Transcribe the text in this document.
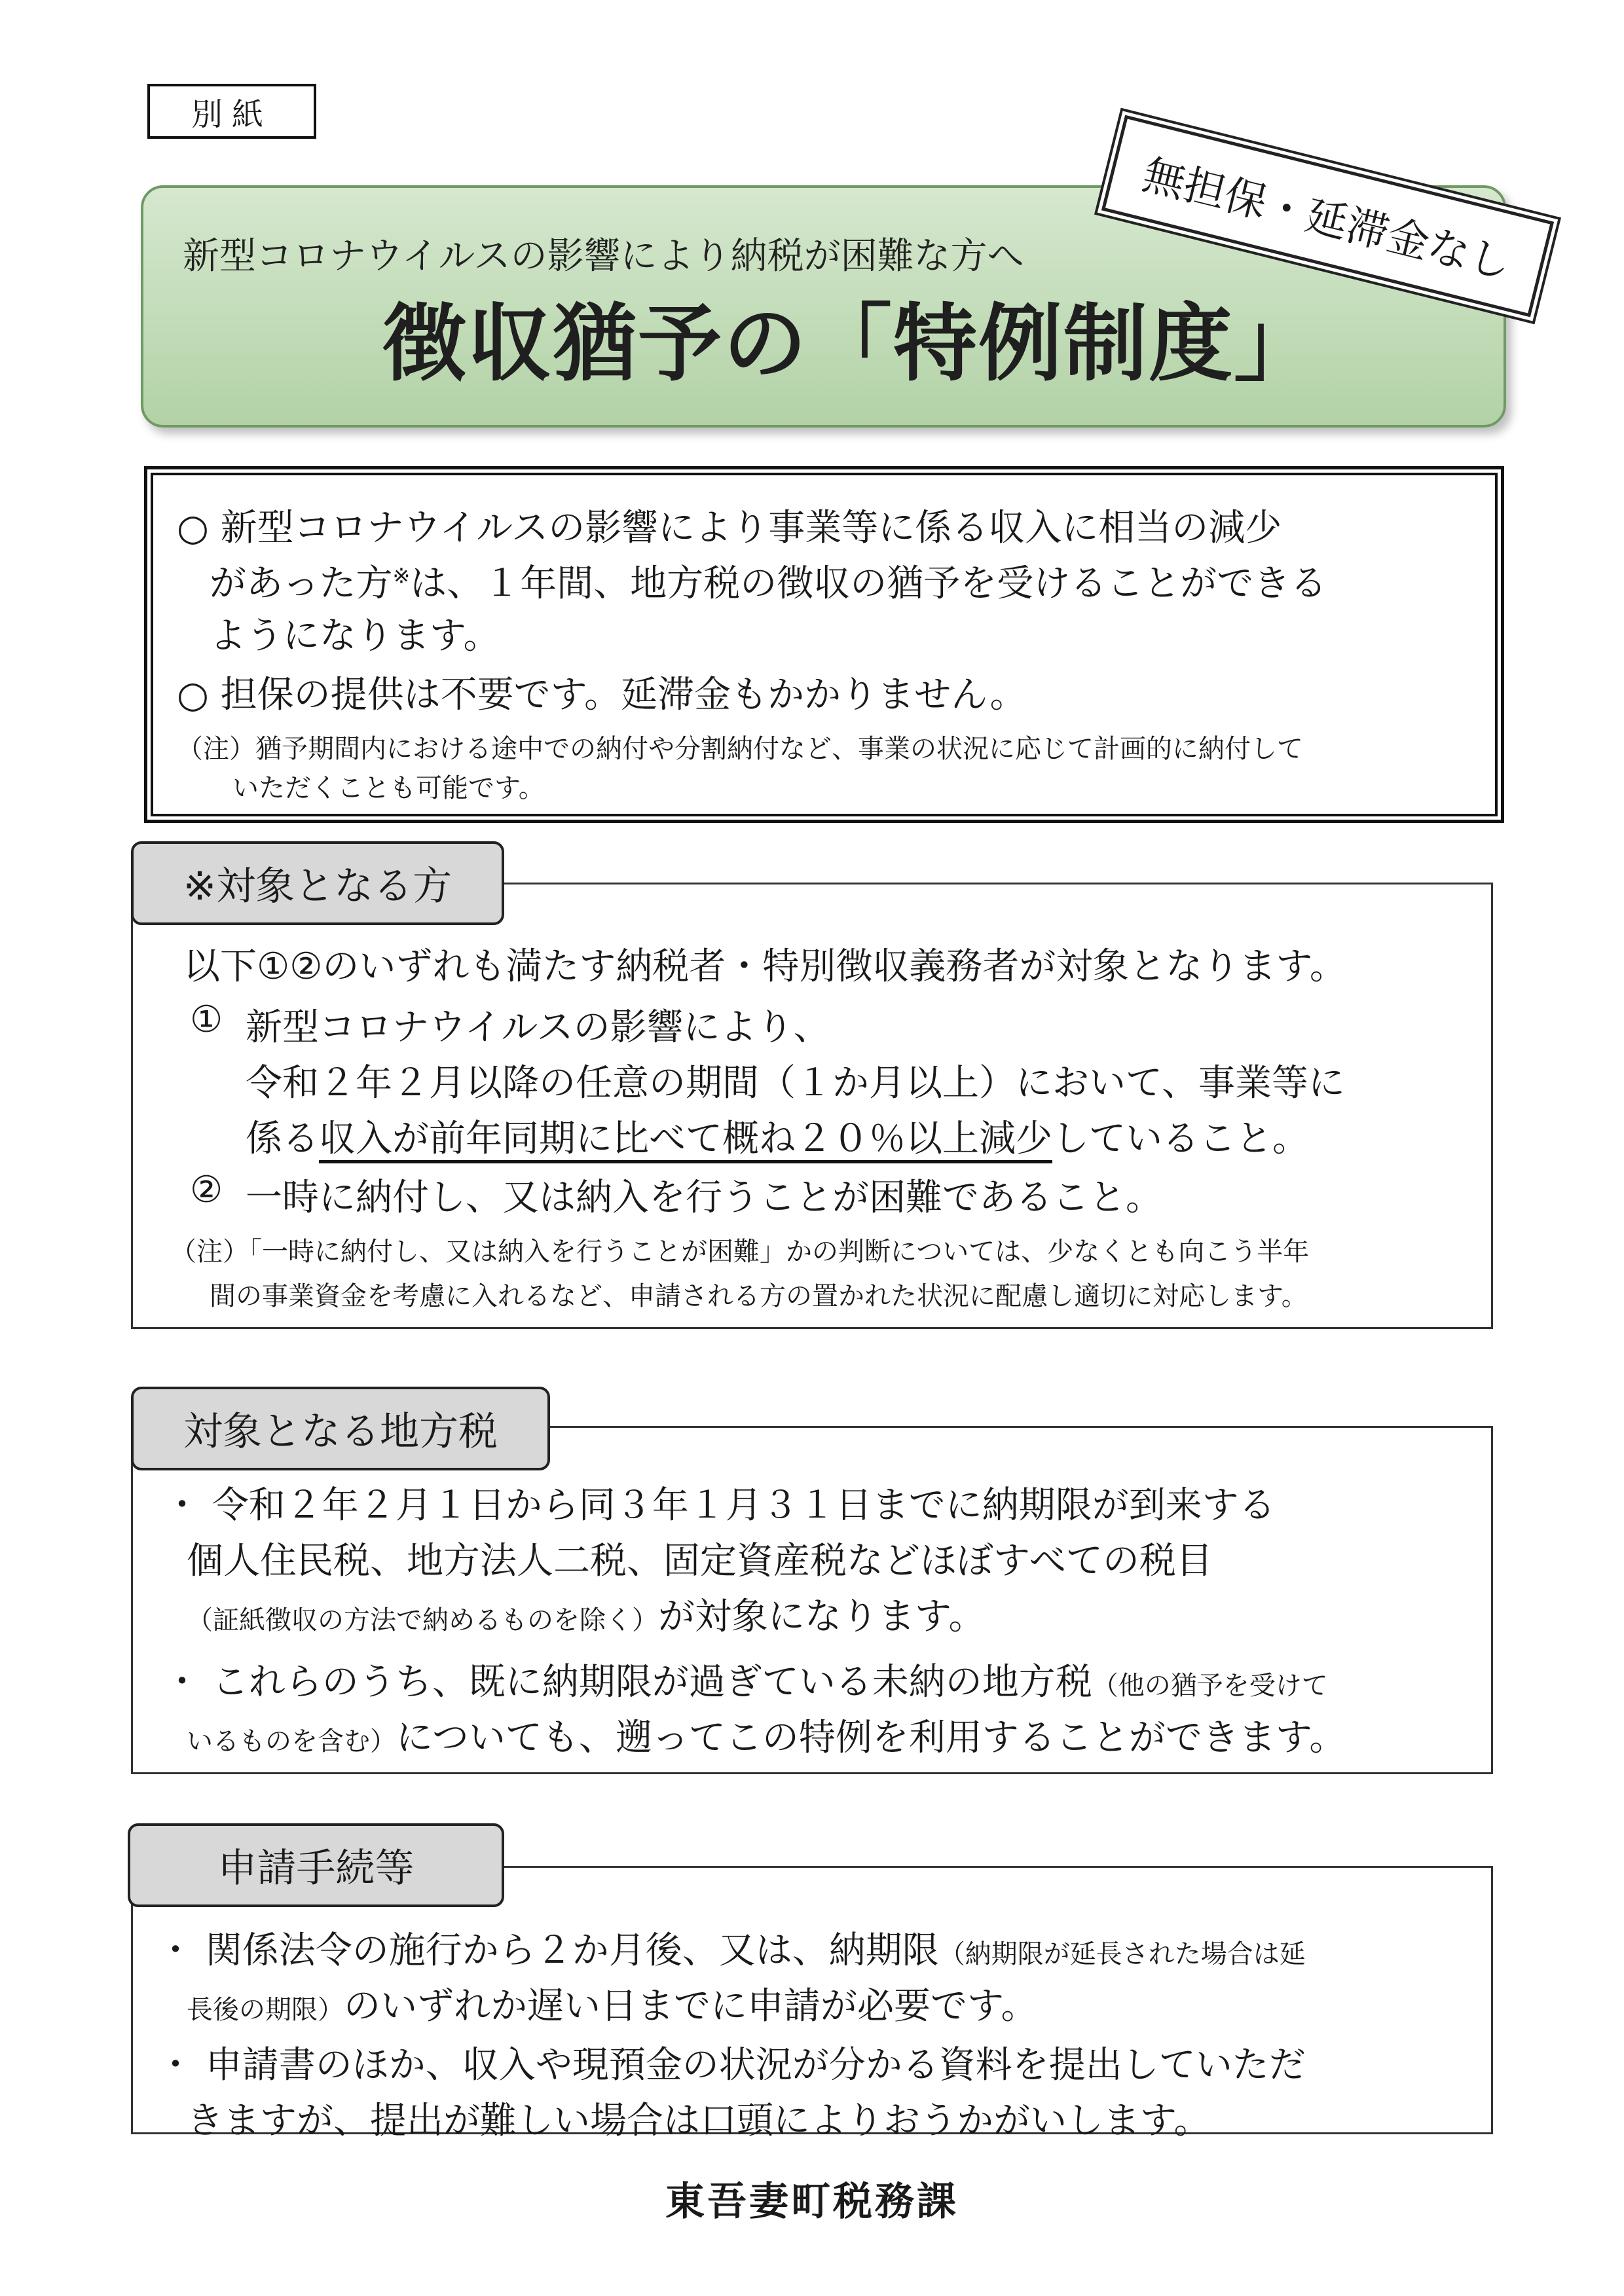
別紙
新型コロナウイルスの影響により納税が困難な方へ
徴収猶予の「特例制度」
無担保・延滞金なし
○ 新型コロナウイルスの影響により事業等に係る収入に相当の減少
があった方※は、１年間、地方税の徴収の猶予を受けることができる
ようになります。
○ 担保の提供は不要です。延滞金もかかりません。
（注）猶予期間内における途中での納付や分割納付など、事業の状況に応じて計画的に納付して
いただくことも可能です。
※対象となる方
以下①②のいずれも満たす納税者・特別徴収義務者が対象となります。
① 新型コロナウイルスの影響により、
令和２年２月以降の任意の期間（１か月以上）において、事業等に
係る収入が前年同期に比べて概ね２０％以上減少していること。
② 一時に納付し、又は納入を行うことが困難であること。
（注）「一時に納付し、又は納入を行うことが困難」かの判断については、少なくとも向こう半年
間の事業資金を考慮に入れるなど、申請される方の置かれた状況に配慮し適切に対応します。
対象となる地方税
・ 令和２年２月１日から同３年１月３１日までに納期限が到来する
個人住民税、地方法人二税、固定資産税などほぼすべての税目
（証紙徴収の方法で納めるものを除く）が対象になります。
・ これらのうち、既に納期限が過ぎている未納の地方税（他の猶予を受けて
いるものを含む）についても、遡ってこの特例を利用することができます。
申請手続等
・ 関係法令の施行から２か月後、又は、納期限（納期限が延長された場合は延
長後の期限）のいずれか遅い日までに申請が必要です。
・ 申請書のほか、収入や現預金の状況が分かる資料を提出していただ
きますが、提出が難しい場合は口頭によりおうかがいします。
東吾妻町税務課
